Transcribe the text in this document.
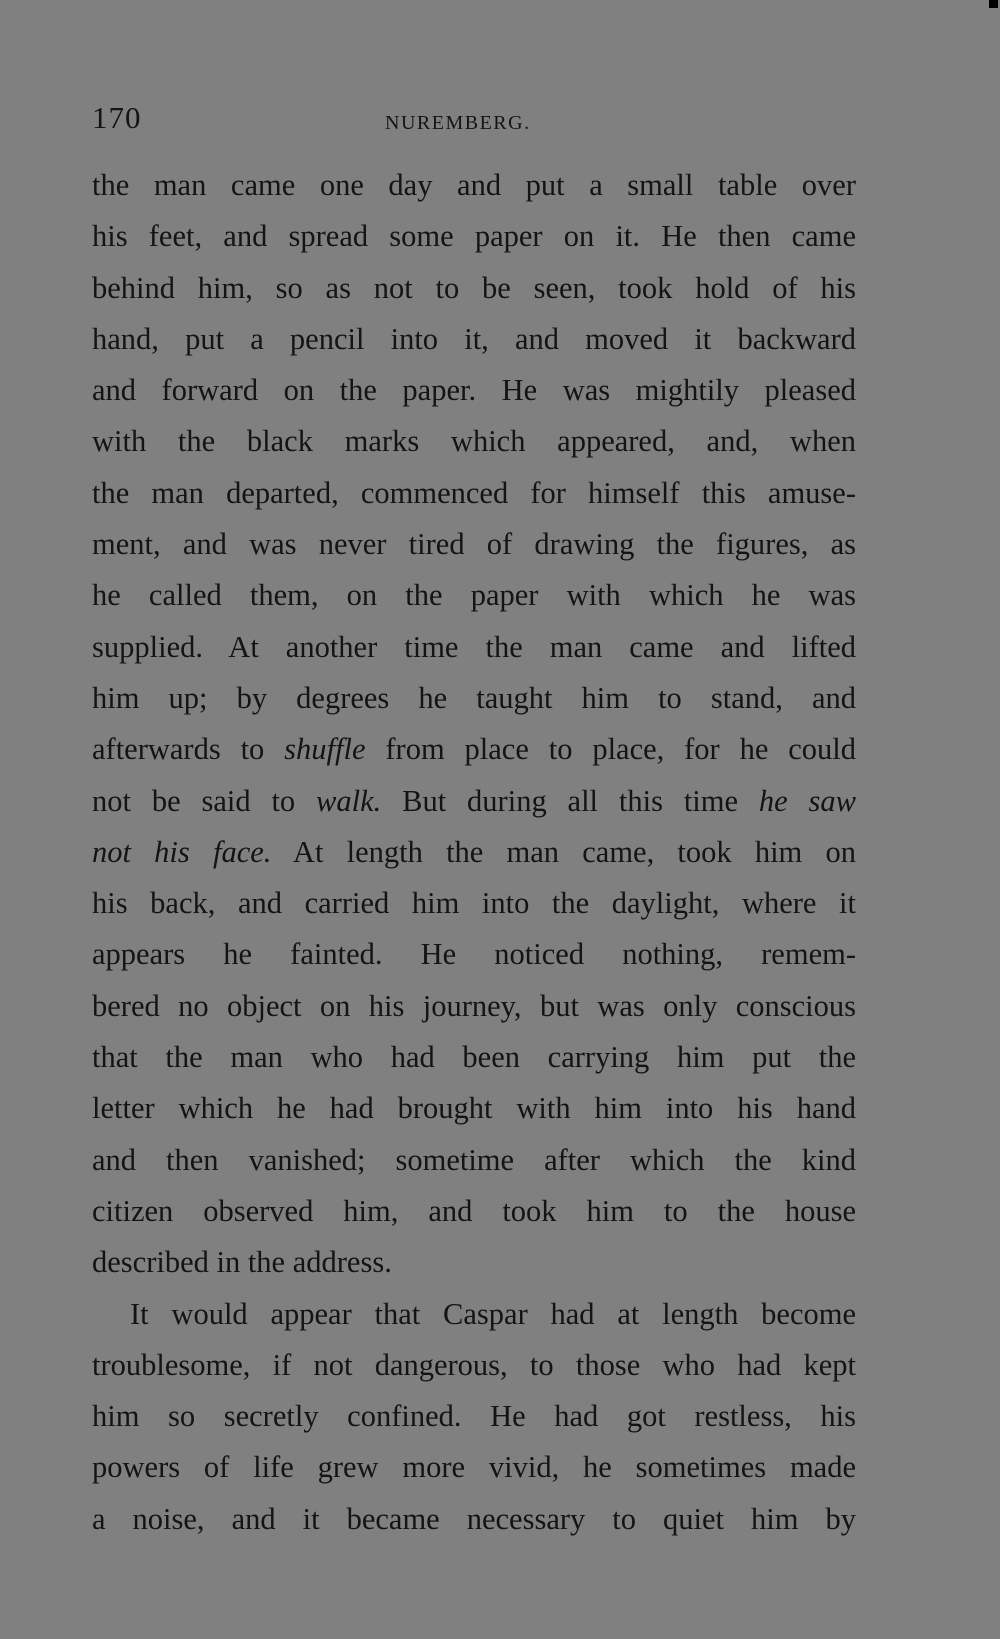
170	NUREMBERG.
the man came one day and put a small table over
his feet, and spread some paper on it. He then came
behind him, so as not to be seen, took hold of his
hand, put a pencil into it, and moved it backward
and forward on the paper. He was mightily pleased
with the black marks which appeared, and, when
the man departed, commenced for himself this amuse-
ment, and was never tired of drawing the figures, as
he called them, on the paper with which he was
supplied. At another time the man came and lifted
him up; by degrees he taught him to stand, and
afterwards to shuffle from place to place, for he could
not be said to walk. But during all this time he saw
not his face. At length the man came, took him on
his back, and carried him into the daylight, where it
appears he fainted. He noticed nothing, remem-
bered no object on his journey, but was only conscious
that the man who had been carrying him put the
letter which he had brought with him into his hand
and then vanished; sometime after which the kind
citizen observed him, and took him to the house
described in the address.
It would appear that Caspar had at length become
troublesome, if not dangerous, to those who had kept
him so secretly confined. He had got restless, his
powers of life grew more vivid, he sometimes made
a noise, and it became necessary to quiet him by
